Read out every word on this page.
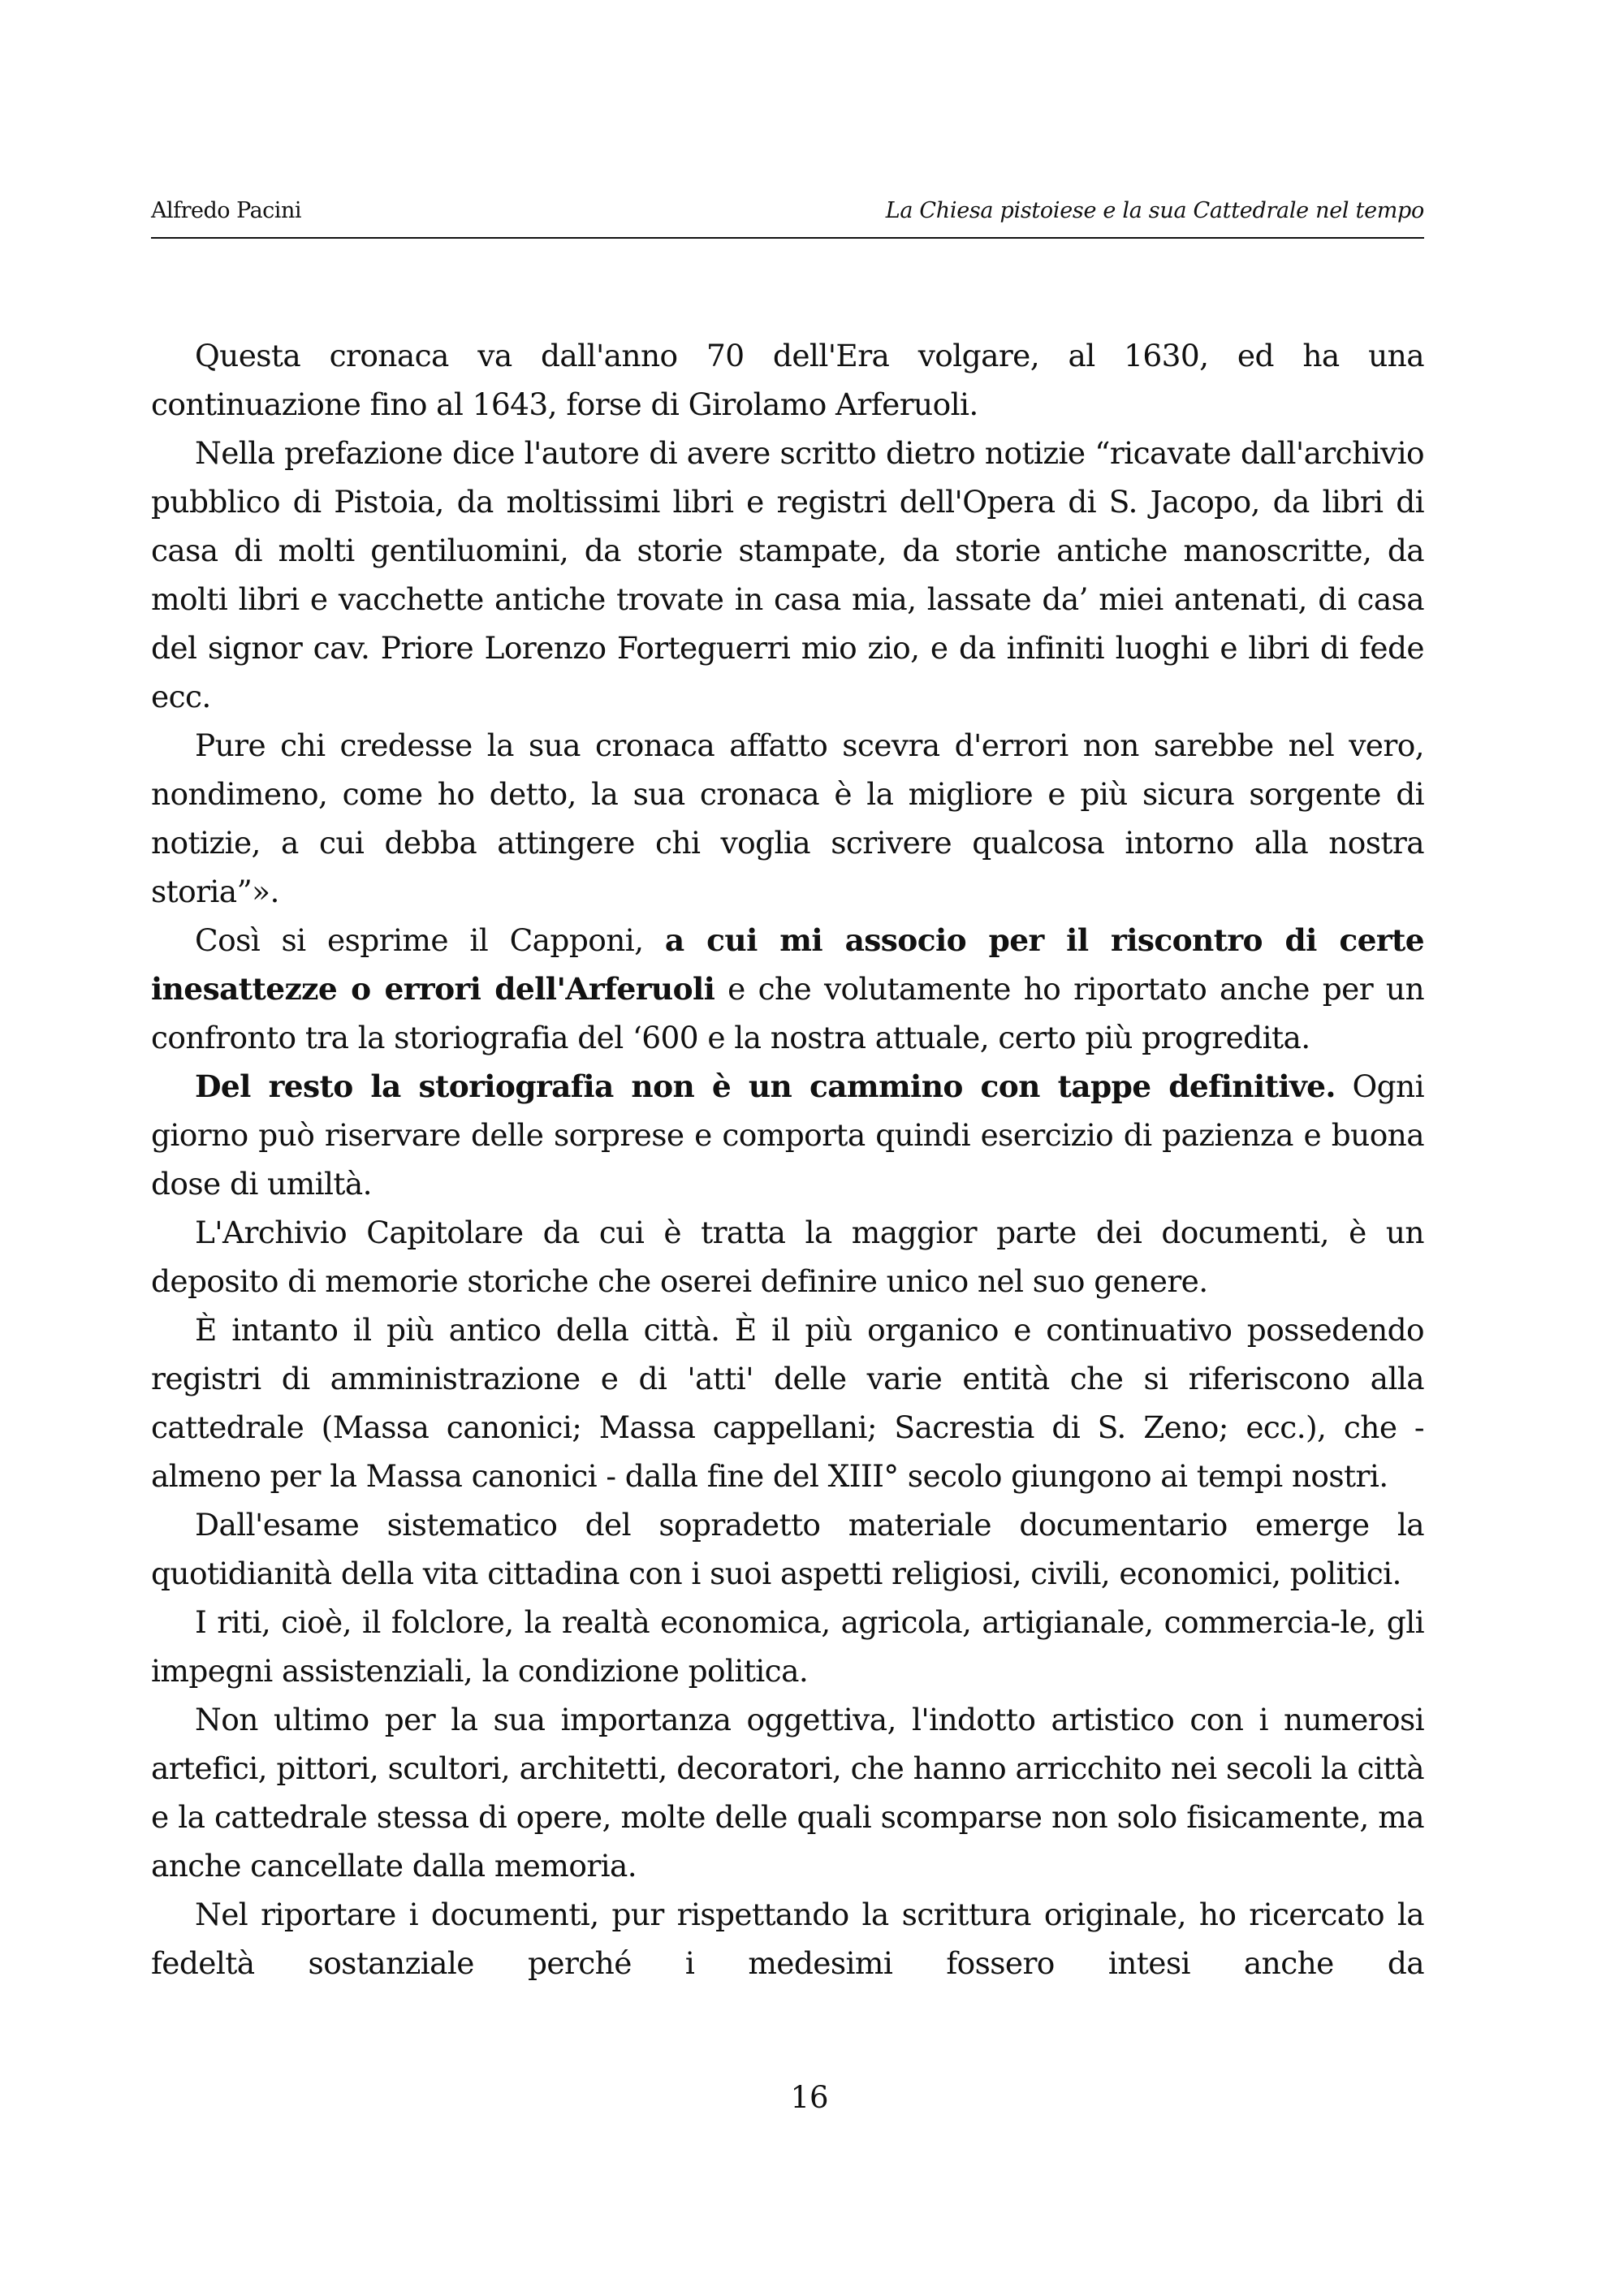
Alfredo Pacini	La Chiesa pistoiese e la sua Cattedrale nel tempo

Questa cronaca va dall'anno 70 dell'Era volgare, al 1630, ed ha una continuazione fino al 1643, forse di Girolamo Arferuoli.

Nella prefazione dice l'autore di avere scritto dietro notizie “ricavate dall'archivio pubblico di Pistoia, da moltissimi libri e registri dell'Opera di S. Jacopo, da libri di casa di molti gentiluomini, da storie stampate, da storie antiche manoscritte, da molti libri e vacchette antiche trovate in casa mia, lassate da’ miei antenati, di casa del signor cav. Priore Lorenzo Forteguerri mio zio, e da infiniti luoghi e libri di fede ecc.

Pure chi credesse la sua cronaca affatto scevra d'errori non sarebbe nel vero, nondimeno, come ho detto, la sua cronaca è la migliore e più sicura sorgente di notizie, a cui debba attingere chi voglia scrivere qualcosa intorno alla nostra storia”».

Così si esprime il Capponi, a cui mi associo per il riscontro di certe inesattezze o errori dell'Arferuoli e che volutamente ho riportato anche per un confronto tra la storiografia del ‘600 e la nostra attuale, certo più progredita.

Del resto la storiografia non è un cammino con tappe definitive. Ogni giorno può riservare delle sorprese e comporta quindi esercizio di pazienza e buona dose di umiltà.

L'Archivio Capitolare da cui è tratta la maggior parte dei documenti, è un deposito di memorie storiche che oserei definire unico nel suo genere.

È intanto il più antico della città. È il più organico e continuativo possedendo registri di amministrazione e di 'atti' delle varie entità che si riferiscono alla cattedrale (Massa canonici; Massa cappellani; Sacrestia di S. Zeno; ecc.), che - almeno per la Massa canonici - dalla fine del XIII° secolo giungono ai tempi nostri.

Dall'esame sistematico del sopradetto materiale documentario emerge la quotidianità della vita cittadina con i suoi aspetti religiosi, civili, economici, politici.

I riti, cioè, il folclore, la realtà economica, agricola, artigianale, commercia-le, gli impegni assistenziali, la condizione politica.

Non ultimo per la sua importanza oggettiva, l'indotto artistico con i numerosi artefici, pittori, scultori, architetti, decoratori, che hanno arricchito nei secoli la città e la cattedrale stessa di opere, molte delle quali scomparse non solo fisicamente, ma anche cancellate dalla memoria.

Nel riportare i documenti, pur rispettando la scrittura originale, ho ricercato la fedeltà sostanziale perché i medesimi fossero intesi anche da

16
